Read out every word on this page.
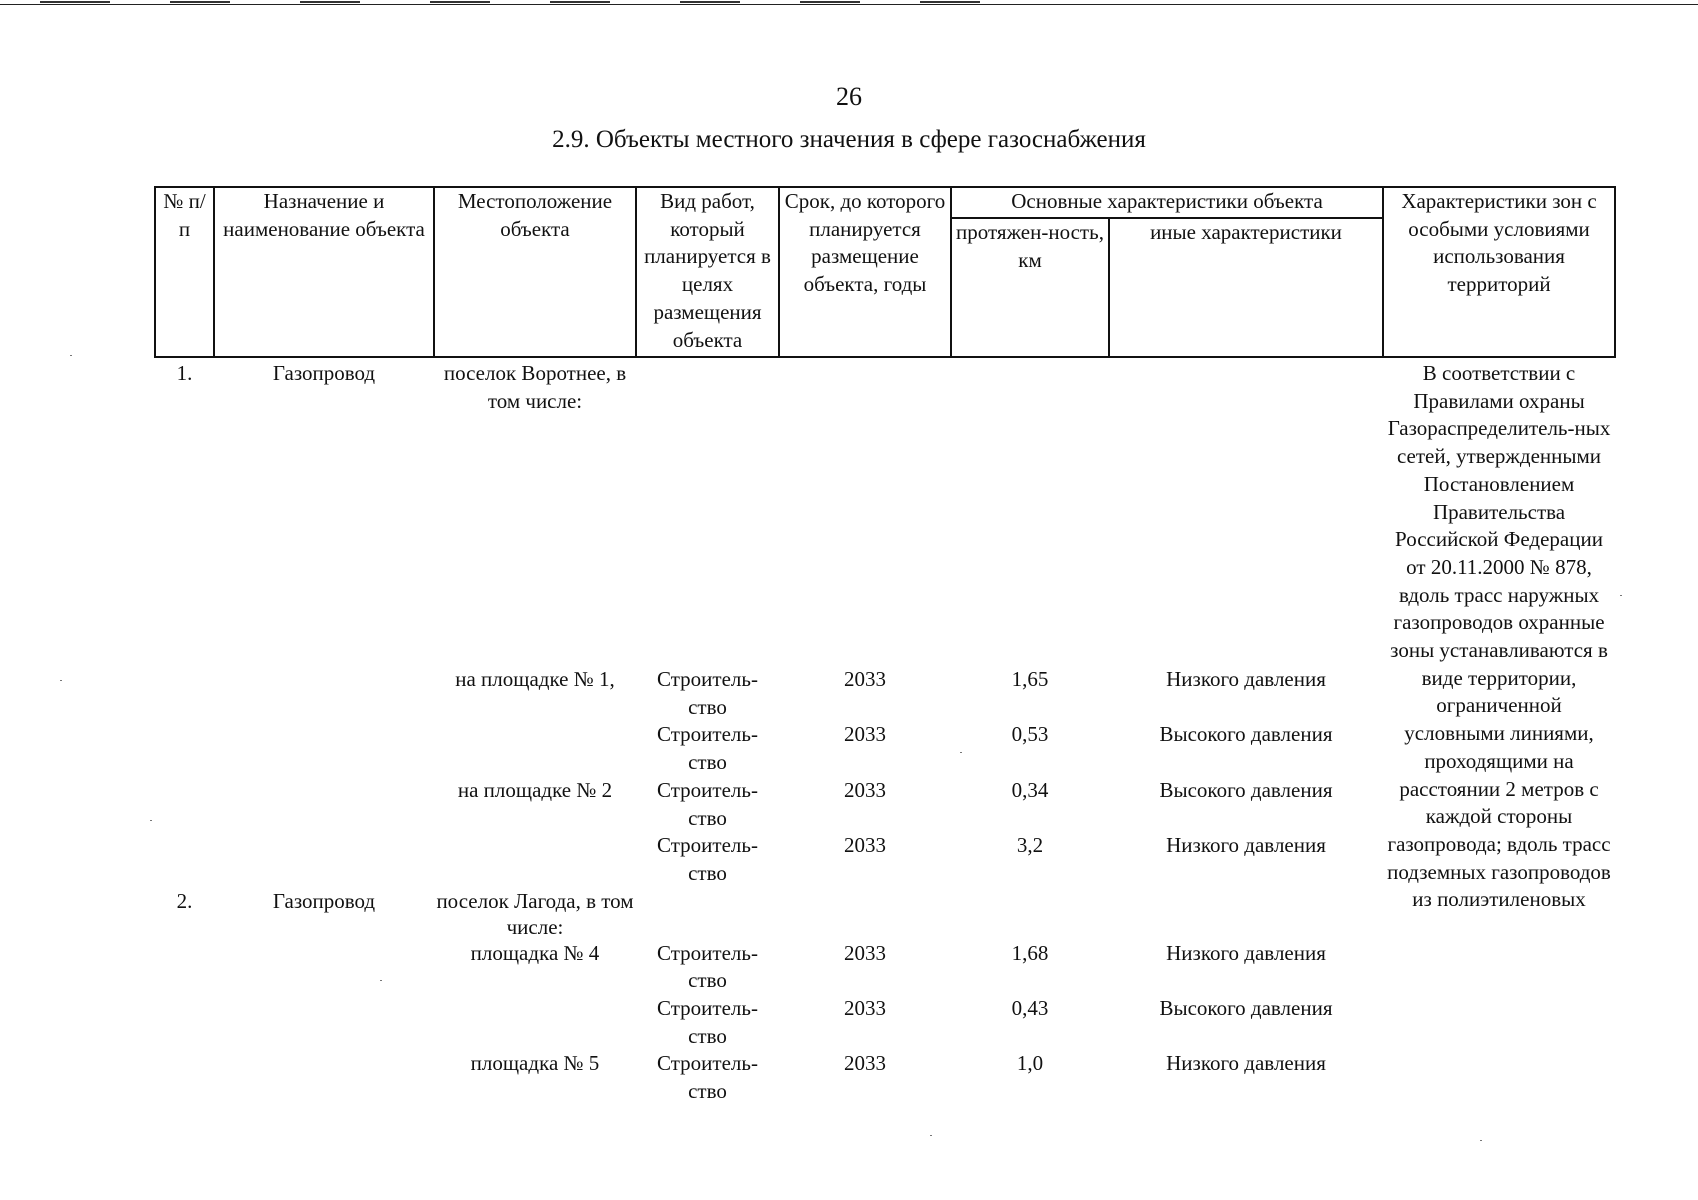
26
2.9. Объекты местного значения в сфере газоснабжения
№ п/п	Назначение и наименование объекта	Местоположение объекта	Вид работ, который планируется в целях размещения объекта	Срок, до которого планируется размещение объекта, годы	Основные характеристики объекта		Характеристики зон с особыми условиями использования территорий
					протяжен-ность, км	иные характеристики	
1.	Газопровод	поселок Воротнее, в том числе:					В соответствии с Правилами охраны Газораспределитель-ных сетей, утвержденными Постановлением Правительства Российской Федерации от 20.11.2000 № 878, вдоль трасс наружных газопроводов охранные зоны устанавливаются в виде территории, ограниченной условными линиями, проходящими на расстоянии 2 метров с каждой стороны газопровода; вдоль трасс подземных газопроводов из полиэтиленовых
		на площадке № 1,	Строитель-ство	2033	1,65	Низкого давления	
			Строитель-ство	2033	0,53	Высокого давления	
		на площадке № 2	Строитель-ство	2033	0,34	Высокого давления	
			Строитель-ство	2033	3,2	Низкого давления	
2.	Газопровод	поселок Лагода, в том числе:					
		площадка № 4	Строитель-ство	2033	1,68	Низкого давления	
			Строитель-ство	2033	0,43	Высокого давления	
		площадка № 5	Строитель-ство	2033	1,0	Низкого давления	
